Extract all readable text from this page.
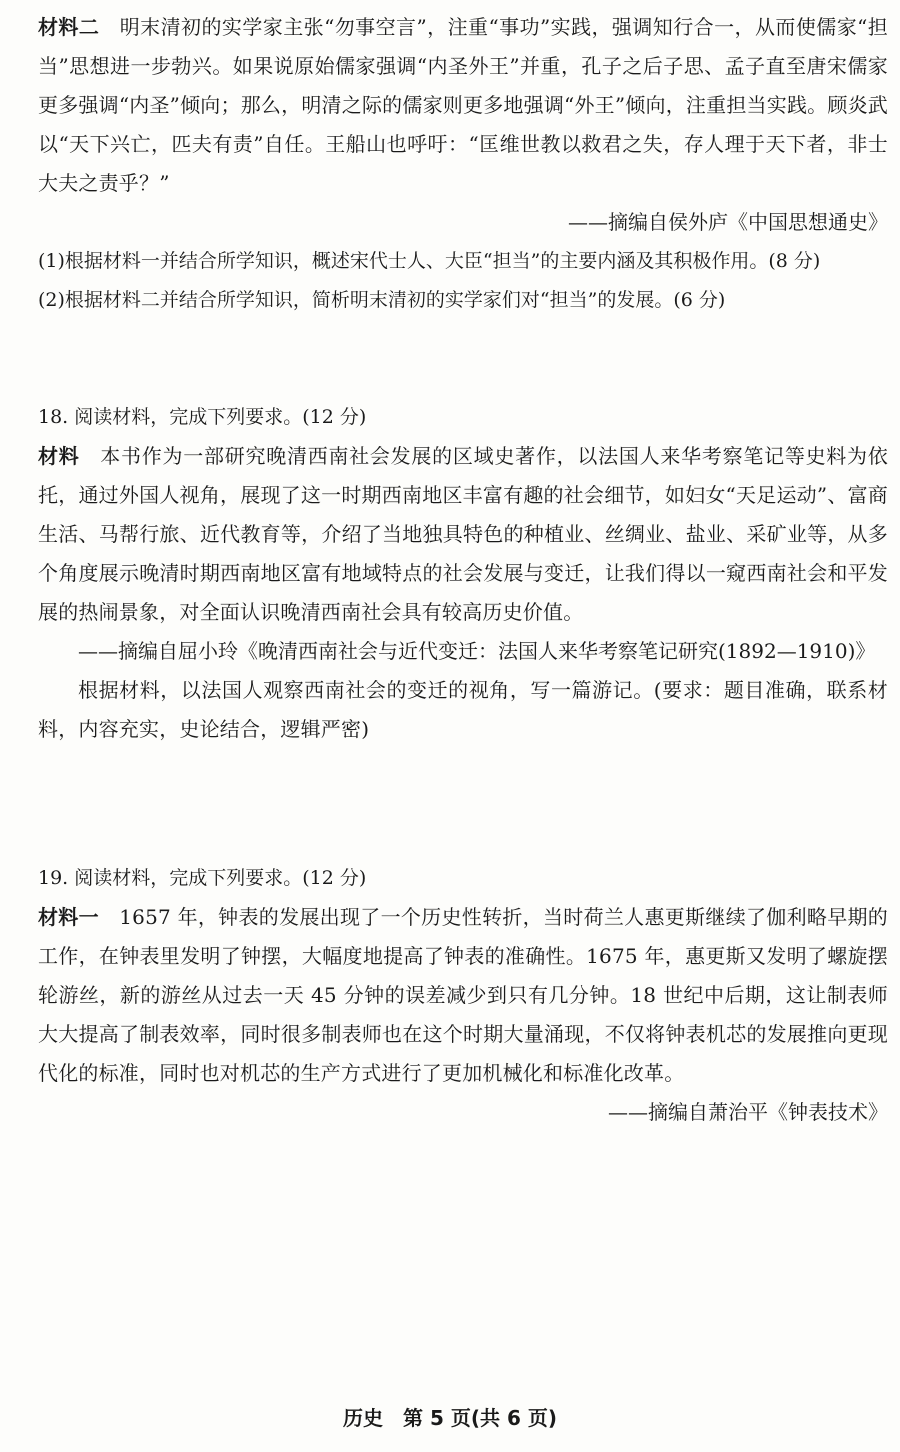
材料二　 明末清初的实学家主张“勿事空言”，注重“事功”实践，强调知行合一，从而使儒家“担当”思想进一步勃兴。如果说原始儒家强调“内圣外王”并重，孔子之后子思、孟子直至唐宋儒家更多强调“内圣”倾向；那么，明清之际的儒家则更多地强调“外王”倾向，注重担当实践。顾炎武以“天下兴亡，匹夫有责”自任。王船山也呼吁：“匡维世教以救君之失，存人理于天下者，非士大夫之责乎？”

——摘编自侯外庐《中国思想通史》

(1)根据材料一并结合所学知识，概述宋代士人、大臣“担当”的主要内涵及其积极作用。(8 分)

(2)根据材料二并结合所学知识，简析明末清初的实学家们对“担当”的发展。(6 分)

18. 阅读材料，完成下列要求。(12 分)

材料　 本书作为一部研究晚清西南社会发展的区域史著作，以法国人来华考察笔记等史料为依托，通过外国人视角，展现了这一时期西南地区丰富有趣的社会细节，如妇女“天足运动”、富商生活、马帮行旅、近代教育等，介绍了当地独具特色的种植业、丝绸业、盐业、采矿业等，从多个角度展示晚清时期西南地区富有地域特点的社会发展与变迁，让我们得以一窥西南社会和平发展的热闹景象，对全面认识晚清西南社会具有较高历史价值。

——摘编自屈小玲《晚清西南社会与近代变迁：法国人来华考察笔记研究(1892—1910)》

根据材料，以法国人观察西南社会的变迁的视角，写一篇游记。(要求：题目准确，联系材料，内容充实，史论结合，逻辑严密)

19. 阅读材料，完成下列要求。(12 分)

材料一　 1657 年，钟表的发展出现了一个历史性转折，当时荷兰人惠更斯继续了伽利略早期的工作，在钟表里发明了钟摆，大幅度地提高了钟表的准确性。1675 年，惠更斯又发明了螺旋摆轮游丝，新的游丝从过去一天 45 分钟的误差减少到只有几分钟。18 世纪中后期，这让制表师大大提高了制表效率，同时很多制表师也在这个时期大量涌现，不仅将钟表机芯的发展推向更现代化的标准，同时也对机芯的生产方式进行了更加机械化和标准化改革。

——摘编自萧治平《钟表技术》

历史　第 5 页(共 6 页)
